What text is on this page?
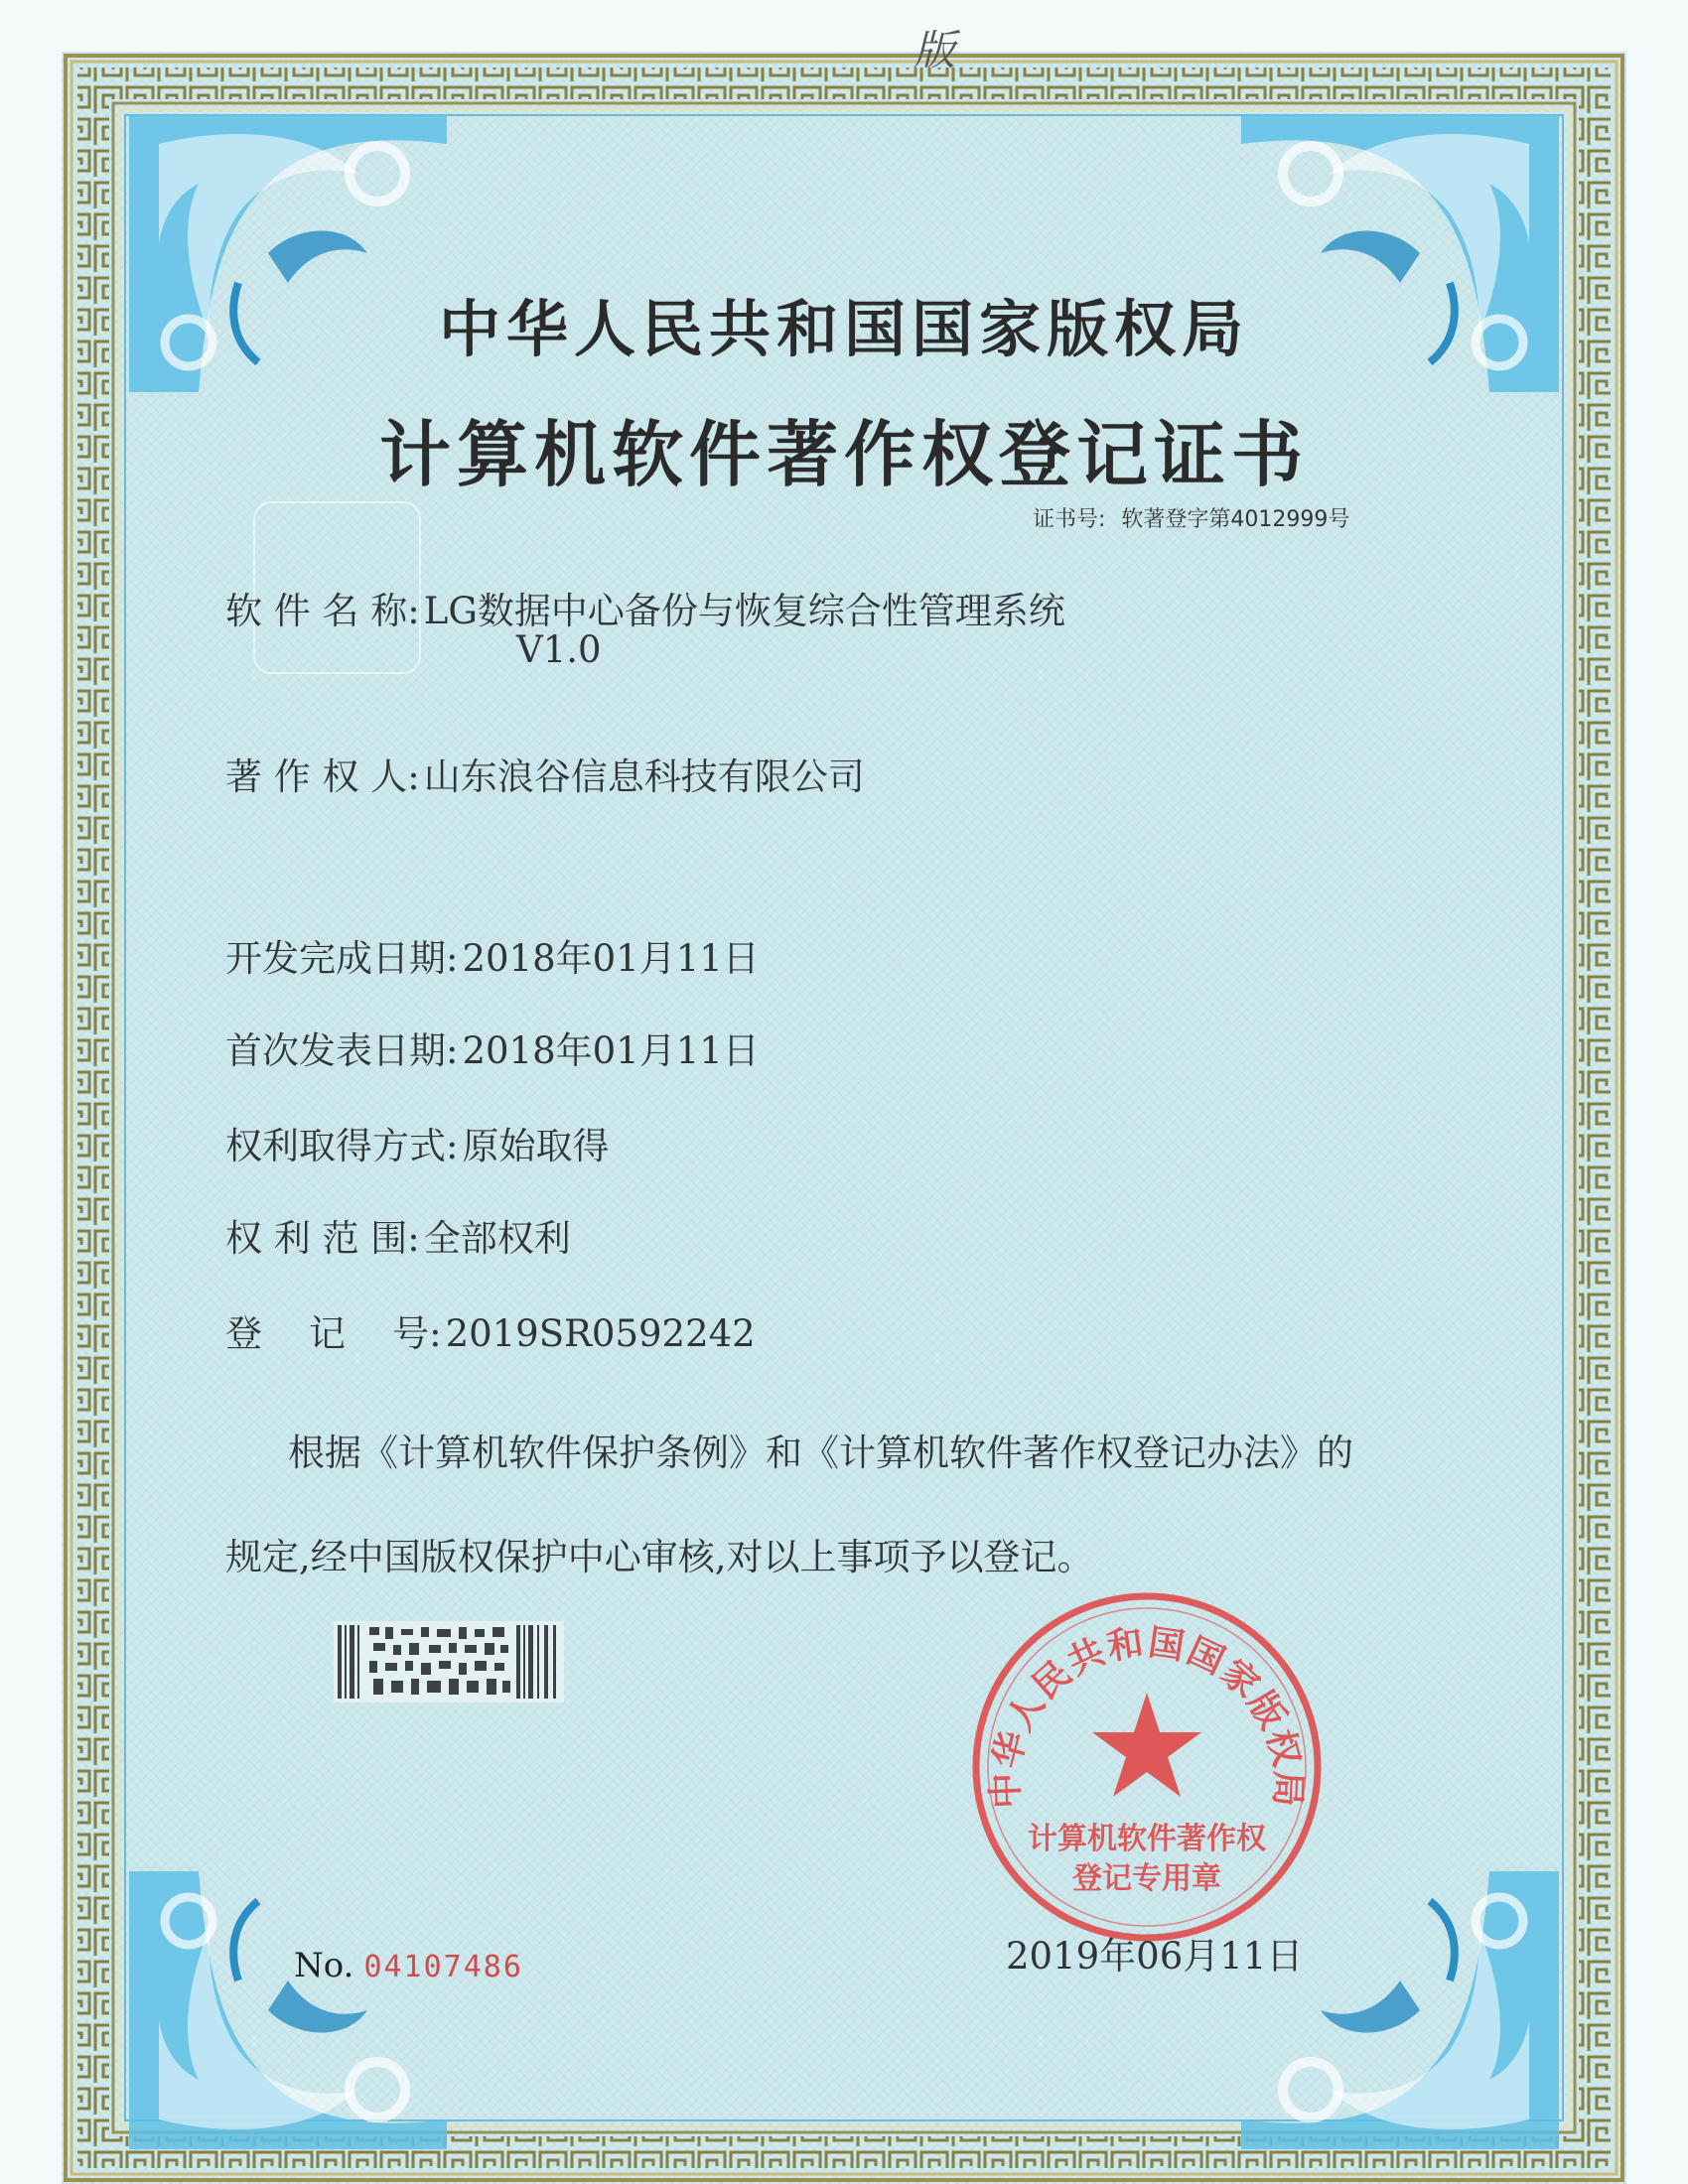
版
中华人民共和国国家版权局
计算机软件著作权登记证书
证书号: 软著登字第4012999号
软 件 名 称: LG数据中心备份与恢复综合性管理系统
V1.0
著 作 权 人: 山东浪谷信息科技有限公司
开发完成日期: 2018年01月11日
首次发表日期: 2018年01月11日
权利取得方式: 原始取得
权 利 范 围: 全部权利
登    记    号: 2019SR0592242
根据《计算机软件保护条例》和《计算机软件著作权登记办法》的
规定,经中国版权保护中心审核,对以上事项予以登记。
No. 04107486
中华人民共和国国家版权局
计算机软件著作权
登记专用章
2019年06月11日
